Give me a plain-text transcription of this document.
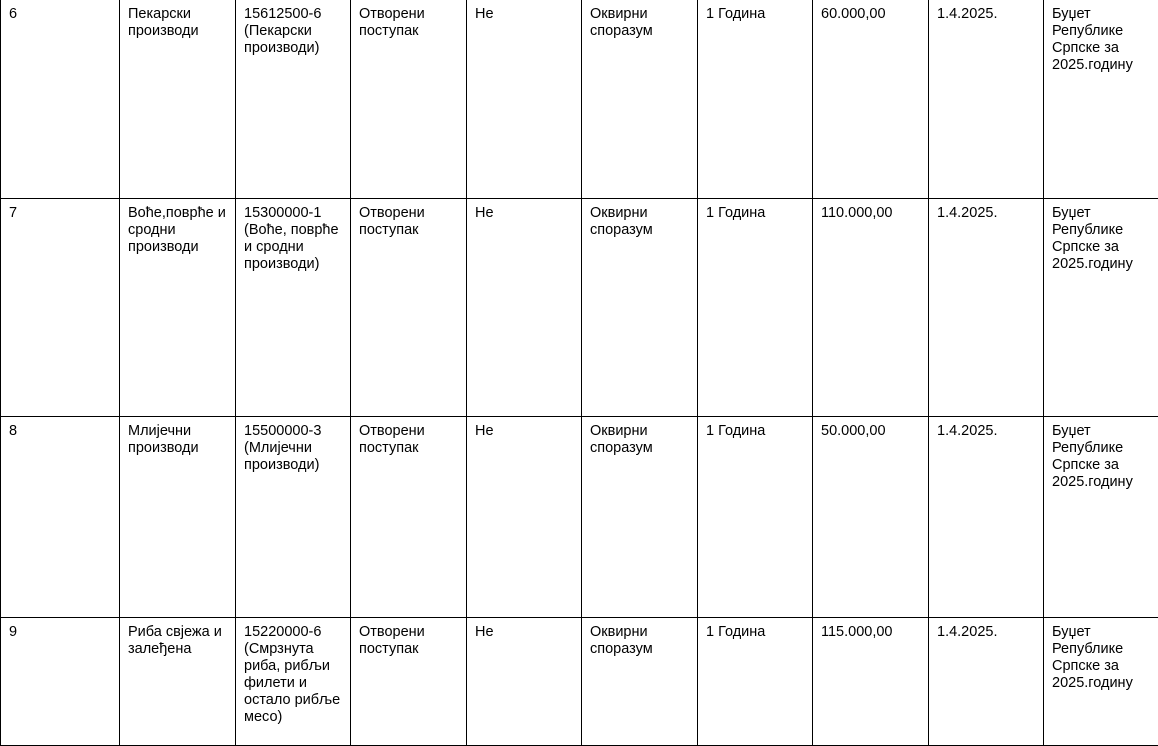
6	Пекарски производи	15612500-6 (Пекарски производи)	Отворени поступак	Не	Оквирни споразум	1 Година	60.000,00	1.4.2025.	Буџет Републике Српске за 2025.годину
7	Воће,поврће и сродни производи	15300000-1 (Воће, поврће и сродни производи)	Отворени поступак	Не	Оквирни споразум	1 Година	110.000,00	1.4.2025.	Буџет Републике Српске за 2025.годину
8	Млијечни производи	15500000-3 (Млијечни производи)	Отворени поступак	Не	Оквирни споразум	1 Година	50.000,00	1.4.2025.	Буџет Републике Српске за 2025.годину
9	Риба свјежа и залеђена	15220000-6 (Смрзнута риба, рибљи филети и остало рибље месо)	Отворени поступак	Не	Оквирни споразум	1 Година	115.000,00	1.4.2025.	Буџет Републике Српске за 2025.годину
